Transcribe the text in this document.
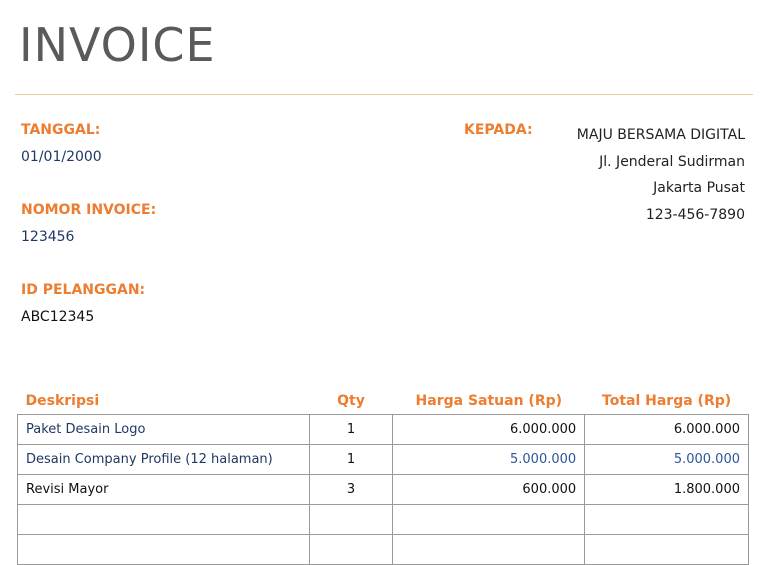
INVOICE
TANGGAL:
01/01/2000
NOMOR INVOICE:
123456
ID PELANGGAN:
ABC12345
KEPADA:	MAJU BERSAMA DIGITAL
Jl. Jenderal Sudirman
Jakarta Pusat
123-456-7890
Deskripsi	Qty	Harga Satuan (Rp)	Total Harga (Rp)
Paket Desain Logo	1	6.000.000	6.000.000
Desain Company Profile (12 halaman)	1	5.000.000	5.000.000
Revisi Mayor	3	600.000	1.800.000
